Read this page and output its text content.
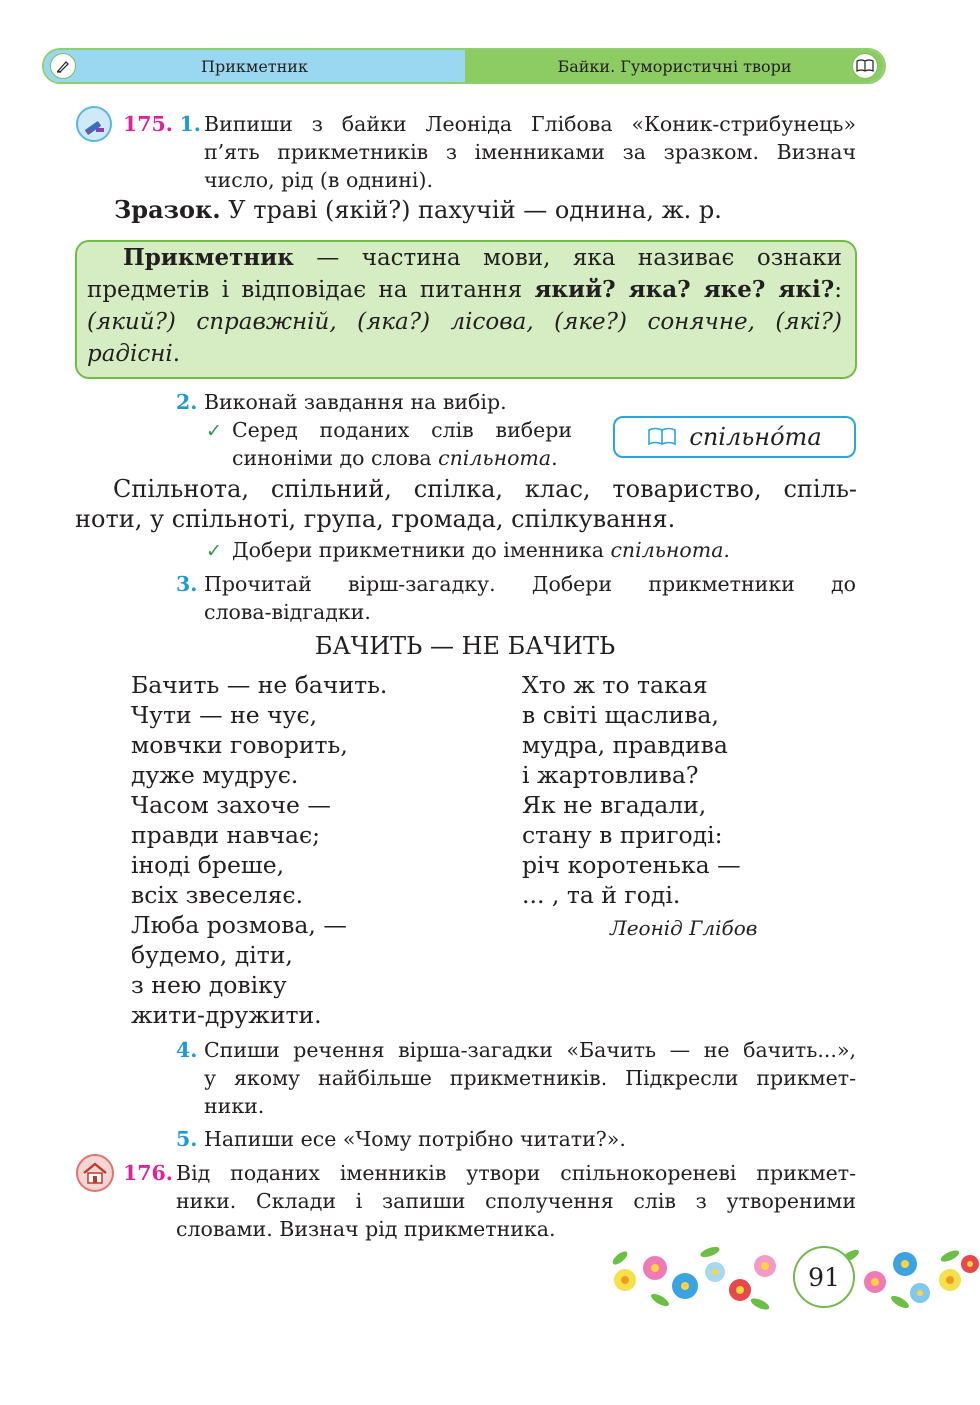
Прикметник	Байки. Гумористичні твори
175. 1. Випиши з байки Леоніда Глібова «Коник-стрибунець»
п’ять прикметників з іменниками за зразком. Визнач
число, рід (в однині).
Зразок. У траві (якій?) пахучій — однина, ж. р.
Прикметник — частина мови, яка називає ознаки
предметів і відповідає на питання який? яка? яке? які?:
(який?) справжній, (яка?) лісова, (яке?) сонячне, (які?)
радісні.
2. Виконай завдання на вибір.
✓ Серед поданих слів вибери
синоніми до слова спільнота.
спільнóта
Спільнота, спільний, спілка, клас, товариство, спіль-
ноти, у спільноті, група, громада, спілкування.
✓ Добери прикметники до іменника спільнота.
3. Прочитай вірш-загадку. Добери прикметники до
слова-відгадки.
БАЧИТЬ — НЕ БАЧИТЬ
Бачить — не бачить.
Чути — не чує,
мовчки говорить,
дуже мудрує.
Часом захоче —
правди навчає;
іноді бреше,
всіх звеселяє.
Люба розмова, —
будемо, діти,
з нею довіку
жити-дружити.
Хто ж то такая
в світі щаслива,
мудра, правдива
і жартовлива?
Як не вгадали,
стану в пригоді:
річ коротенька —
... , та й годі.
Леонід Глібов
4. Спиши речення вірша-загадки «Бачить — не бачить...»,
у якому найбільше прикметників. Підкресли прикмет-
ники.
5. Напиши есе «Чому потрібно читати?».
176. Від поданих іменників утвори спільнокореневі прикмет-
ники. Склади і запиши сполучення слів з утвореними
словами. Визнач рід прикметника.
91
